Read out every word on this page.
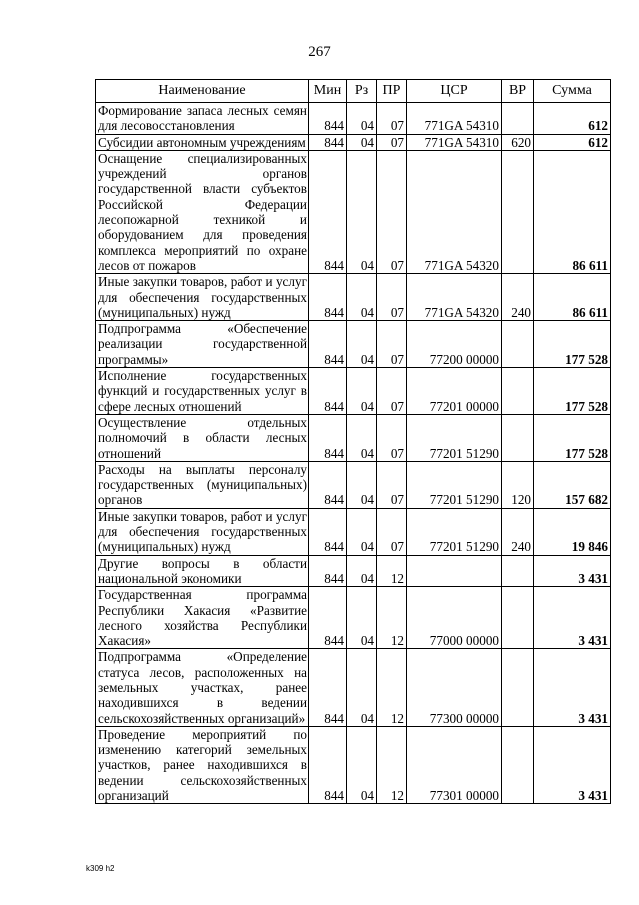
267
Наименование	Мин	Рз	ПР	ЦСР	ВР	Сумма
Формирование запаса лесных семян для лесовосстановления	844	04	07	771GA 54310		612
Субсидии автономным учреждениям	844	04	07	771GA 54310	620	612
Оснащение специализированных учреждений органов государственной власти субъектов Российской Федерации лесопожарной техникой и оборудованием для проведения комплекса мероприятий по охране лесов от пожаров	844	04	07	771GA 54320		86 611
Иные закупки товаров, работ и услуг для обеспечения государственных (муниципальных) нужд	844	04	07	771GA 54320	240	86 611
Подпрограмма «Обеспечение реализации государственной программы»	844	04	07	77200 00000		177 528
Исполнение государственных функций и государственных услуг в сфере лесных отношений	844	04	07	77201 00000		177 528
Осуществление отдельных полномочий в области лесных отношений	844	04	07	77201 51290		177 528
Расходы на выплаты персоналу государственных (муниципальных) органов	844	04	07	77201 51290	120	157 682
Иные закупки товаров, работ и услуг для обеспечения государственных (муниципальных) нужд	844	04	07	77201 51290	240	19 846
Другие вопросы в области национальной экономики	844	04	12			3 431
Государственная программа Республики Хакасия «Развитие лесного хозяйства Республики Хакасия»	844	04	12	77000 00000		3 431
Подпрограмма «Определение статуса лесов, расположенных на земельных участках, ранее находившихся в ведении сельскохозяйственных организаций»	844	04	12	77300 00000		3 431
Проведение мероприятий по изменению категорий земельных участков, ранее находившихся в ведении сельскохозяйственных организаций	844	04	12	77301 00000		3 431
k309 h2
